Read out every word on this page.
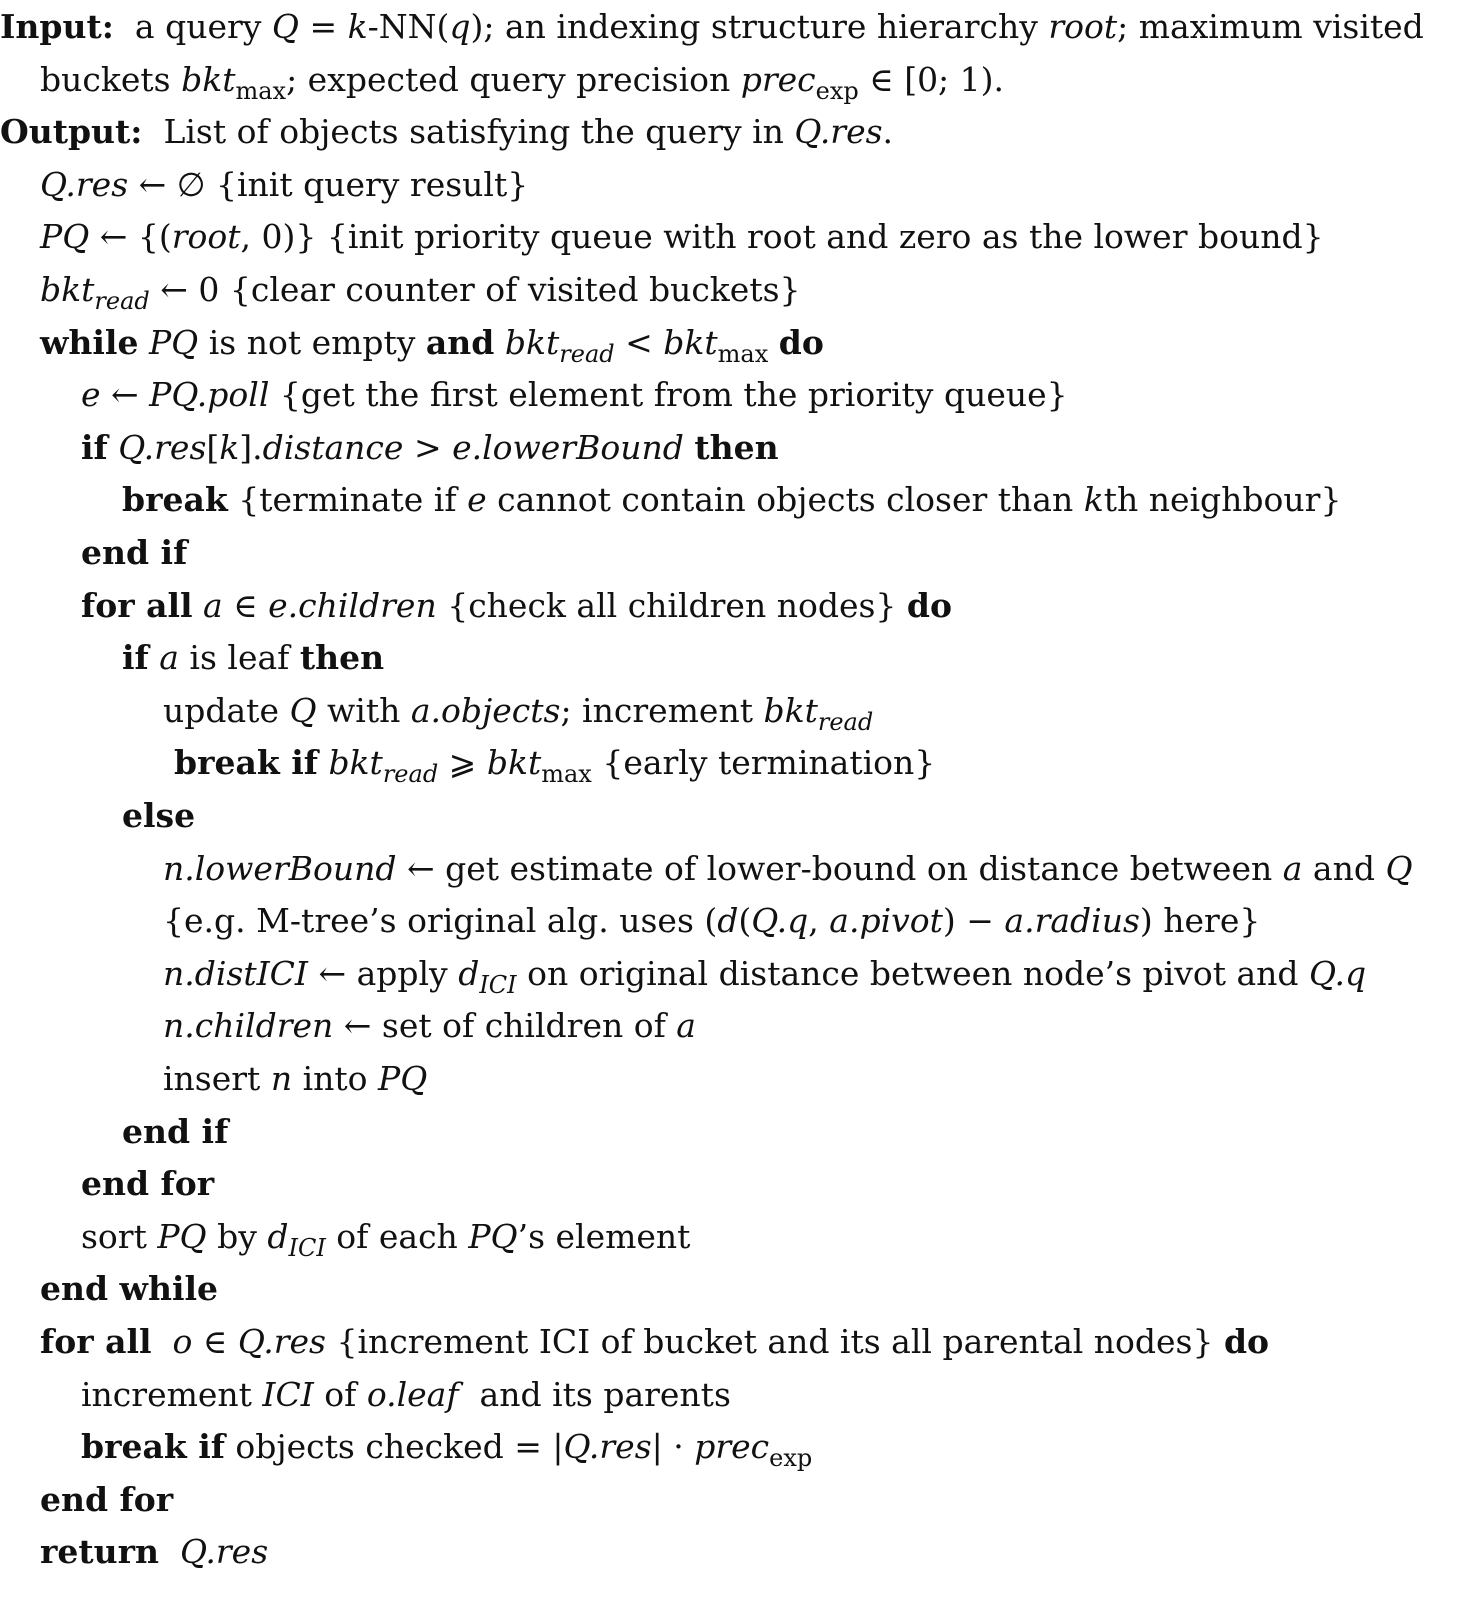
Input:  a query Q = k-NN(q); an indexing structure hierarchy root; maximum visited
buckets bkt$_{max}$; expected query precision prec$_{exp}$ ∈ [0; 1).
Output:  List of objects satisfying the query in Q.res.
Q.res ← ∅ {init query result}
PQ ← {(root, 0)} {init priority queue with root and zero as the lower bound}
bkt$_{read}$ ← 0 {clear counter of visited buckets}
while PQ is not empty and bkt$_{read}$ < bkt$_{max}$ do
e ← PQ.poll {get the first element from the priority queue}
if Q.res[k].distance > e.lowerBound then
break {terminate if e cannot contain objects closer than kth neighbour}
end if
for all a ∈ e.children {check all children nodes} do
if a is leaf then
update Q with a.objects; increment bkt$_{read}$
break if bkt$_{read}$ ⩾ bkt$_{max}$ {early termination}
else
n.lowerBound ← get estimate of lower-bound on distance between a and Q
{e.g. M-tree’s original alg. uses (d(Q.q, a.pivot) − a.radius) here}
n.distICI ← apply $d_{ICI}$ on original distance between node’s pivot and Q.q
n.children ← set of children of a
insert n into PQ
end if
end for
sort PQ by $d_{ICI}$ of each PQ’s element
end while
for all o ∈ Q.res {increment ICI of bucket and its all parental nodes} do
increment ICI of o.leaf  and its parents
break if objects checked = |Q.res| · prec$_{exp}$
end for
return Q.res
